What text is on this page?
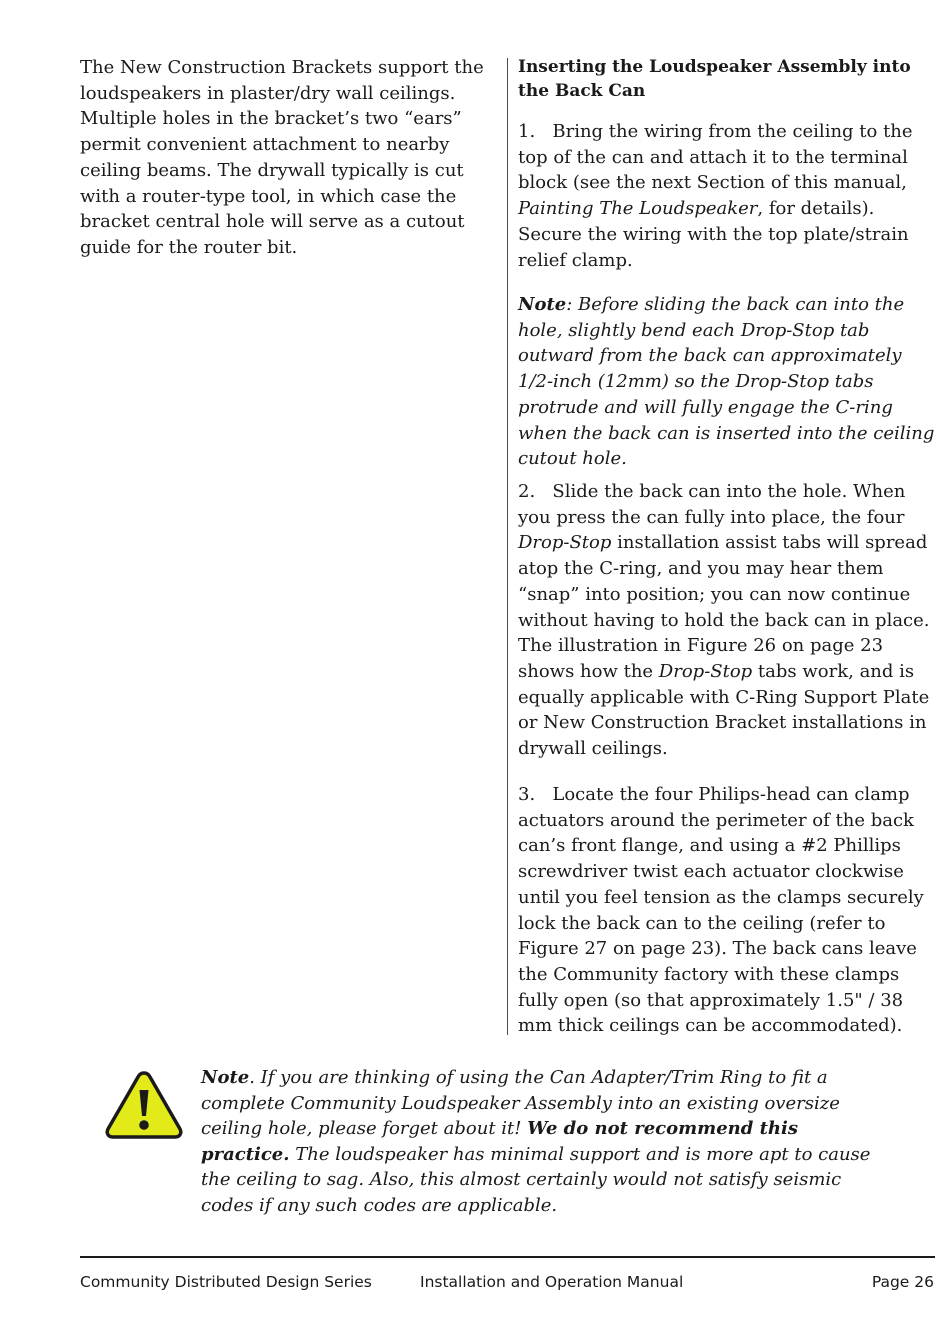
The New Construction Brackets support the loudspeakers in plaster/dry wall ceilings. Multiple holes in the bracket’s two “ears” permit convenient attachment to nearby ceiling beams. The drywall typically is cut with a router-type tool, in which case the bracket central hole will serve as a cutout guide for the router bit.

Inserting the Loudspeaker Assembly into the Back Can

1. Bring the wiring from the ceiling to the top of the can and attach it to the terminal block (see the next Section of this manual, Painting The Loudspeaker, for details). Secure the wiring with the top plate/strain relief clamp.

Note: Before sliding the back can into the hole, slightly bend each Drop-Stop tab outward from the back can approximately 1/2-inch (12mm) so the Drop-Stop tabs protrude and will fully engage the C-ring when the back can is inserted into the ceiling cutout hole.

2. Slide the back can into the hole. When you press the can fully into place, the four Drop-Stop installation assist tabs will spread atop the C-ring, and you may hear them “snap” into position; you can now continue without having to hold the back can in place. The illustration in Figure 26 on page 23 shows how the Drop-Stop tabs work, and is equally applicable with C-Ring Support Plate or New Construction Bracket installations in drywall ceilings.

3. Locate the four Philips-head can clamp actuators around the perimeter of the back can’s front flange, and using a #2 Phillips screwdriver twist each actuator clockwise until you feel tension as the clamps securely lock the back can to the ceiling (refer to Figure 27 on page 23). The back cans leave the Community factory with these clamps fully open (so that approximately 1.5" / 38 mm thick ceilings can be accommodated).

Note. If you are thinking of using the Can Adapter/Trim Ring to fit a complete Community Loudspeaker Assembly into an existing oversize ceiling hole, please forget about it! We do not recommend this practice. The loudspeaker has minimal support and is more apt to cause the ceiling to sag. Also, this almost certainly would not satisfy seismic codes if any such codes are applicable.

Community Distributed Design Series	Installation and Operation Manual	Page 26
